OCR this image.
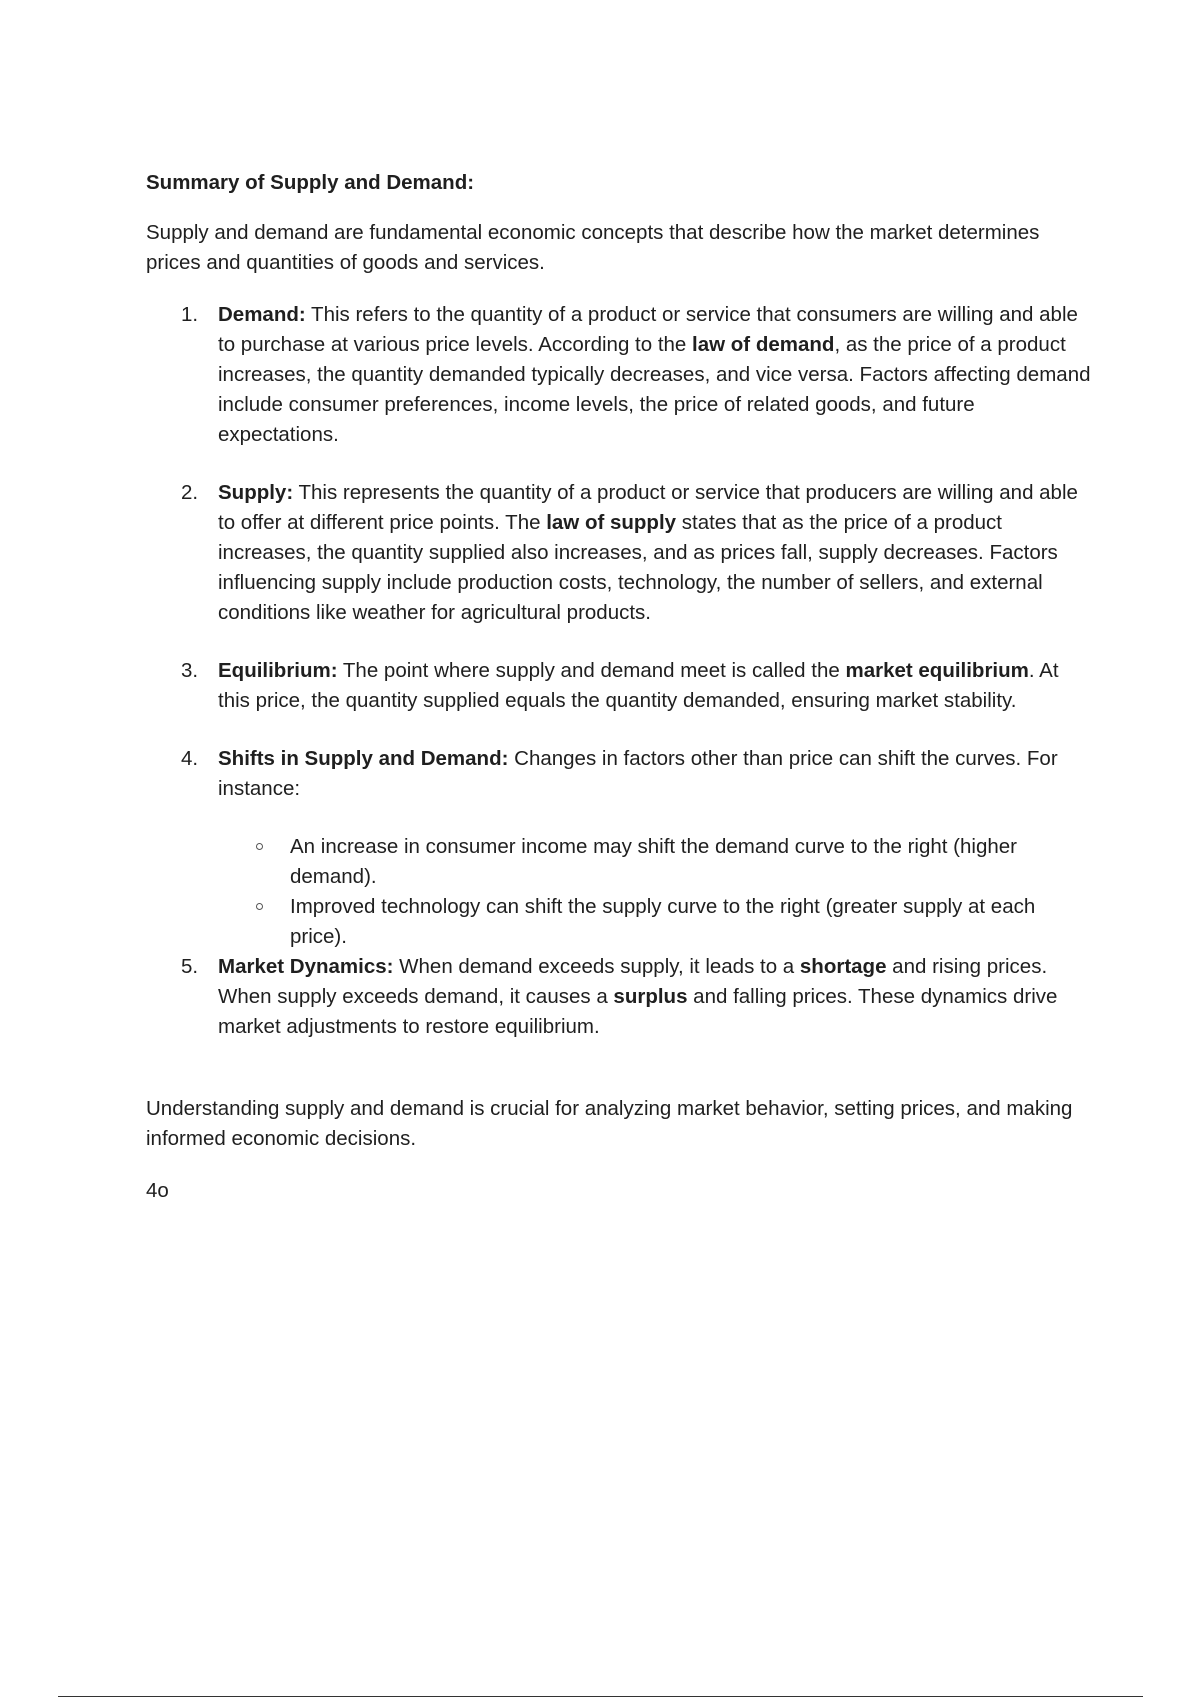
Summary of Supply and Demand:

Supply and demand are fundamental economic concepts that describe how the market determines prices and quantities of goods and services.

1. Demand: This refers to the quantity of a product or service that consumers are willing and able to purchase at various price levels. According to the law of demand, as the price of a product increases, the quantity demanded typically decreases, and vice versa. Factors affecting demand include consumer preferences, income levels, the price of related goods, and future expectations.
2. Supply: This represents the quantity of a product or service that producers are willing and able to offer at different price points. The law of supply states that as the price of a product increases, the quantity supplied also increases, and as prices fall, supply decreases. Factors influencing supply include production costs, technology, the number of sellers, and external conditions like weather for agricultural products.
3. Equilibrium: The point where supply and demand meet is called the market equilibrium. At this price, the quantity supplied equals the quantity demanded, ensuring market stability.
4. Shifts in Supply and Demand: Changes in factors other than price can shift the curves. For instance:
An increase in consumer income may shift the demand curve to the right (higher demand).
Improved technology can shift the supply curve to the right (greater supply at each price).
5. Market Dynamics: When demand exceeds supply, it leads to a shortage and rising prices. When supply exceeds demand, it causes a surplus and falling prices. These dynamics drive market adjustments to restore equilibrium.

Understanding supply and demand is crucial for analyzing market behavior, setting prices, and making informed economic decisions.

4o
